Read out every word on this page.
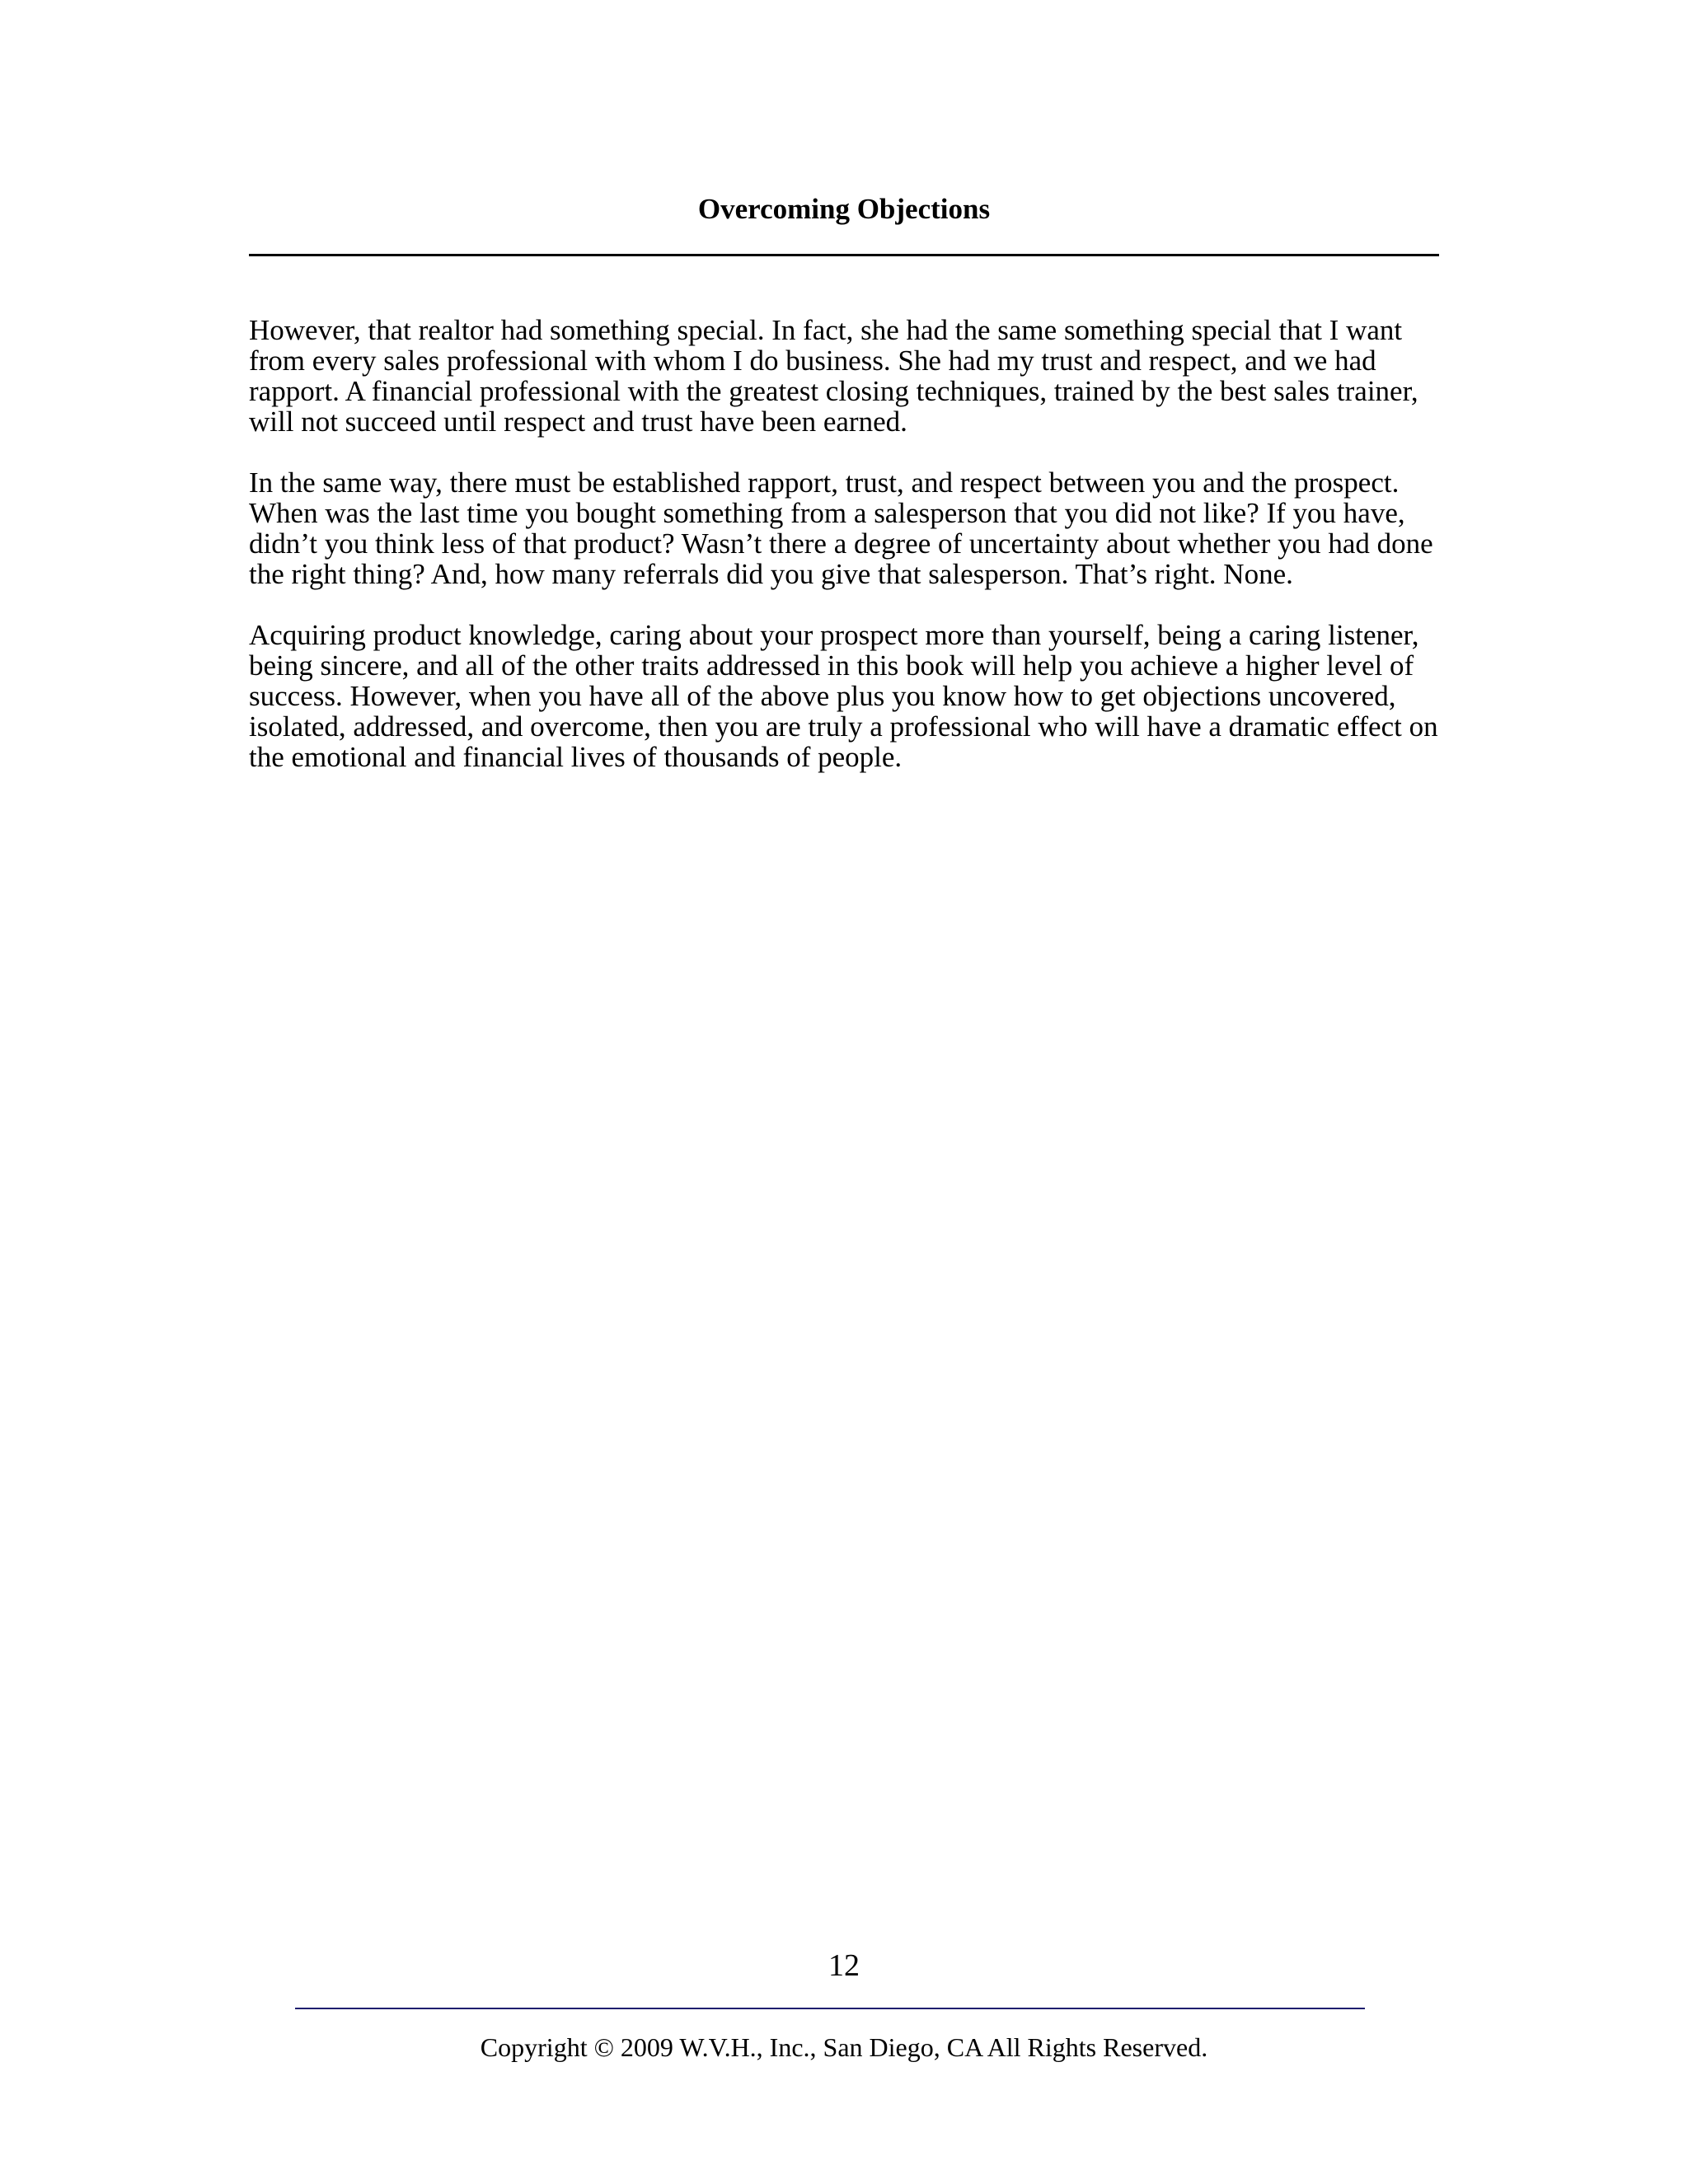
Overcoming Objections

However, that realtor had something special. In fact, she had the same something special that I want from every sales professional with whom I do business. She had my trust and respect, and we had rapport. A financial professional with the greatest closing techniques, trained by the best sales trainer, will not succeed until respect and trust have been earned.

In the same way, there must be established rapport, trust, and respect between you and the prospect. When was the last time you bought something from a salesperson that you did not like? If you have, didn’t you think less of that product? Wasn’t there a degree of uncertainty about whether you had done the right thing? And, how many referrals did you give that salesperson. That’s right. None.

Acquiring product knowledge, caring about your prospect more than yourself, being a caring listener, being sincere, and all of the other traits addressed in this book will help you achieve a higher level of success. However, when you have all of the above plus you know how to get objections uncovered, isolated, addressed, and overcome, then you are truly a professional who will have a dramatic effect on the emotional and financial lives of thousands of people.

12
Copyright © 2009 W.V.H., Inc., San Diego, CA All Rights Reserved.
